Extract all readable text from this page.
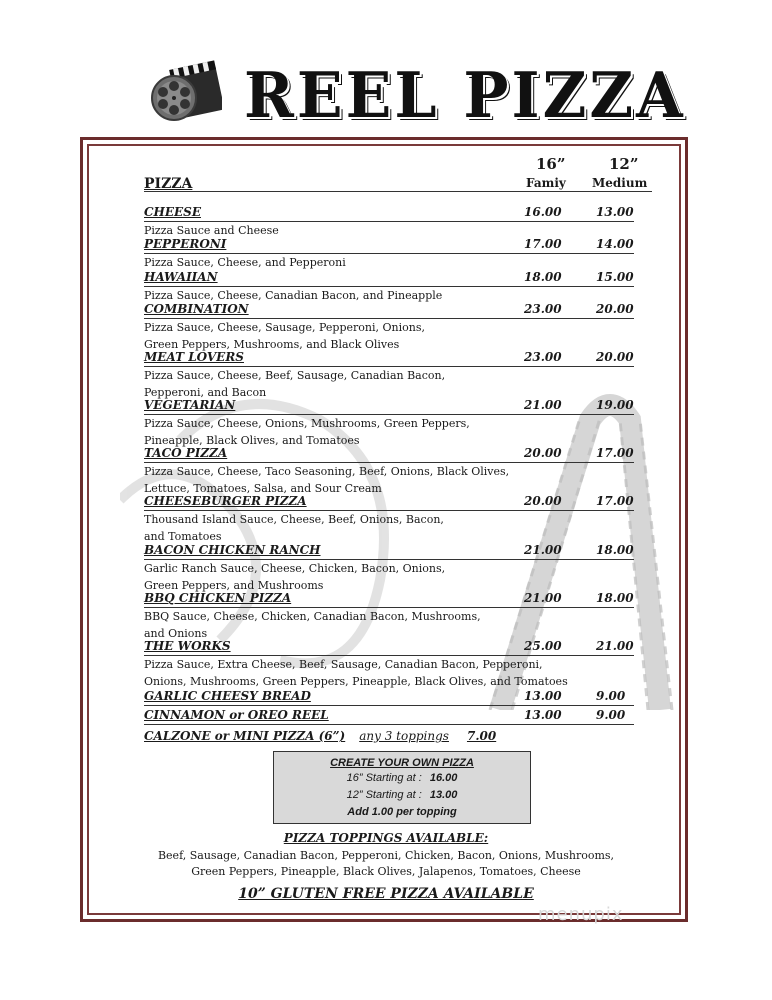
REEL PIZZA
16”	12”
Famiy Medium
PIZZA
CHEESE	16.00	13.00
Pizza Sauce and Cheese
PEPPERONI	17.00	14.00
Pizza Sauce, Cheese, and Pepperoni
HAWAIIAN	18.00	15.00
Pizza Sauce, Cheese, Canadian Bacon, and Pineapple
COMBINATION	23.00	20.00
Pizza Sauce, Cheese, Sausage, Pepperoni, Onions,
Green Peppers, Mushrooms, and Black Olives
MEAT LOVERS	23.00	20.00
Pizza Sauce, Cheese, Beef, Sausage, Canadian Bacon,
Pepperoni, and Bacon
VEGETARIAN	21.00	19.00
Pizza Sauce, Cheese, Onions, Mushrooms, Green Peppers,
Pineapple, Black Olives, and Tomatoes
TACO PIZZA	20.00	17.00
Pizza Sauce, Cheese, Taco Seasoning, Beef, Onions, Black Olives,
Lettuce, Tomatoes, Salsa, and Sour Cream
CHEESEBURGER PIZZA	20.00	17.00
Thousand Island Sauce, Cheese, Beef, Onions, Bacon,
and Tomatoes
BACON CHICKEN RANCH	21.00	18.00
Garlic Ranch Sauce, Cheese, Chicken, Bacon, Onions,
Green Peppers, and Mushrooms
BBQ CHICKEN PIZZA	21.00	18.00
BBQ Sauce, Cheese, Chicken, Canadian Bacon, Mushrooms,
and Onions
THE WORKS	25.00	21.00
Pizza Sauce, Extra Cheese, Beef, Sausage, Canadian Bacon, Pepperoni,
Onions, Mushrooms, Green Peppers, Pineapple, Black Olives, and Tomatoes
GARLIC CHEESY BREAD	13.00	9.00
CINNAMON or OREO REEL	13.00	9.00
CALZONE or MINI PIZZA (6”) any 3 toppings 7.00
CREATE YOUR OWN PIZZA
16” Starting at : 16.00
12” Starting at : 13.00
Add 1.00 per topping
PIZZA TOPPINGS AVAILABLE:
Beef, Sausage, Canadian Bacon, Pepperoni, Chicken, Bacon, Onions, Mushrooms,
Green Peppers, Pineapple, Black Olives, Jalapenos, Tomatoes, Cheese
10” GLUTEN FREE PIZZA AVAILABLE
menupix
